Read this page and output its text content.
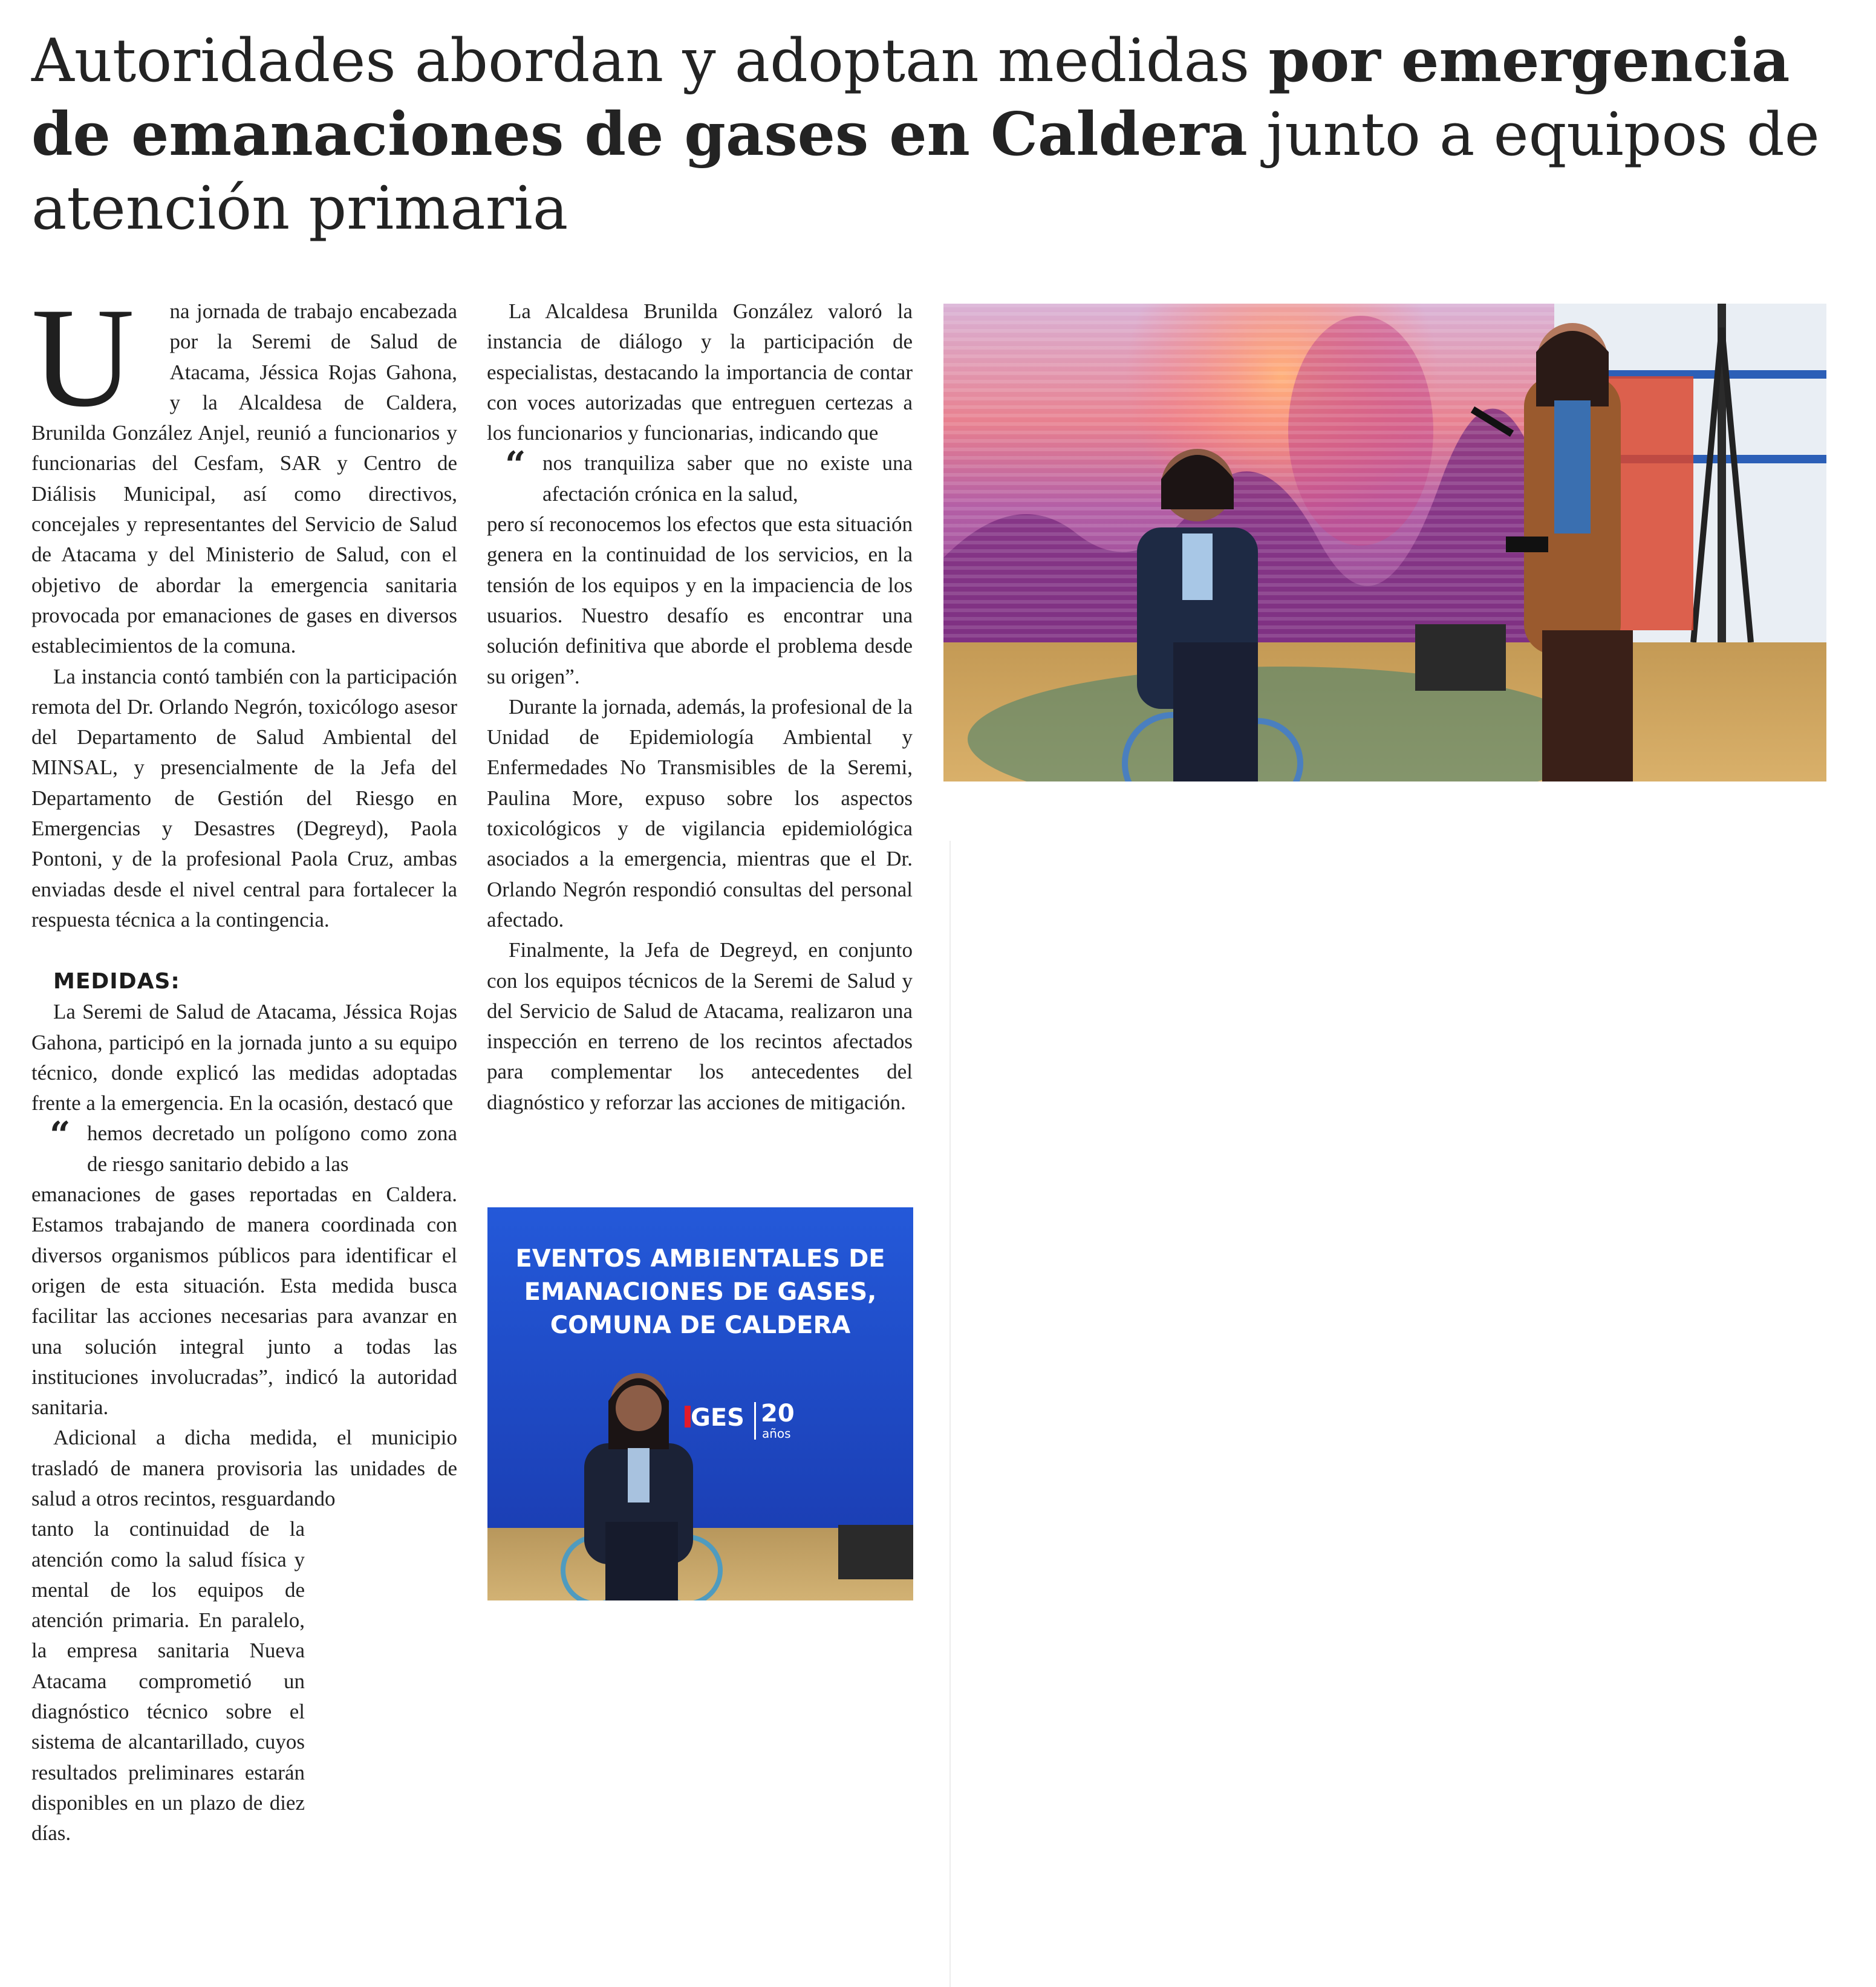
Autoridades abordan y adoptan medidas por emergencia de emanaciones de gases en Caldera junto a equipos de atención primaria
U	na jornada de trabajo encabezada por la Seremi de Salud de Atacama, Jéssica Rojas Gahona, y la Alcaldesa de Caldera, Brunilda González Anjel, reunió a funcionarios y funcionarias del Cesfam, SAR y Centro de Diálisis Municipal, así como directivos, concejales y representantes del Servicio de Salud de Atacama y del Ministerio de Salud, con el objetivo de abordar la emergencia sanitaria provocada por emanaciones de gases en diversos establecimientos de la comuna.

La instancia contó también con la participación remota del Dr. Orlando Negrón, toxicólogo asesor del Departamento de Salud Ambiental del MINSAL, y presencialmente de la Jefa del Departamento de Gestión del Riesgo en Emergencias y Desastres (Degreyd), Paola Pontoni, y de la profesional Paola Cruz, ambas enviadas desde el nivel central para fortalecer la respuesta técnica a la contingencia.

MEDIDAS:

La Seremi de Salud de Atacama, Jéssica Rojas Gahona, participó en la jornada junto a su equipo técnico, donde explicó las medidas adoptadas frente a la emergencia. En la ocasión, destacó que

“ hemos decretado un polígono como zona de riesgo sanitario debido a las
emanaciones de gases reportadas en Caldera. Estamos trabajando de manera coordinada con diversos organismos públicos para identificar el origen de esta situación. Esta medida busca facilitar las acciones necesarias para avanzar en una solución integral junto a todas las instituciones involucradas”, indicó la autoridad sanitaria.

Adicional a dicha medida, el municipio trasladó de manera provisoria las unidades de salud a otros recintos, resguardando

tanto la continuidad de la atención como la salud física y mental de los equipos de atención primaria. En paralelo, la empresa sanitaria Nueva Atacama comprometió un diagnóstico técnico sobre el sistema de alcantarillado, cuyos resultados preliminares estarán disponibles en un plazo de diez días.

La Alcaldesa Brunilda González valoró la instancia de diálogo y la participación de especialistas, destacando la importancia de contar con voces autorizadas que entreguen certezas a los funcionarios y funcionarias, indicando que

“ nos tranquiliza saber que no existe una afectación crónica en la salud,
pero sí reconocemos los efectos que esta situación genera en la continuidad de los servicios, en la tensión de los equipos y en la impaciencia de los usuarios. Nuestro desafío es encontrar una solución definitiva que aborde el problema desde su origen”.

Durante la jornada, además, la profesional de la Unidad de Epidemiología Ambiental y Enfermedades No Transmisibles de la Seremi, Paulina More, expuso sobre los aspectos toxicológicos y de vigilancia epidemiológica asociados a la emergencia, mientras que el Dr. Orlando Negrón respondió consultas del personal afectado.

Finalmente, la Jefa de Degreyd, en conjunto con los equipos técnicos de la Seremi de Salud y del Servicio de Salud de Atacama, realizaron una inspección en terreno de los recintos afectados para complementar los antecedentes del diagnóstico y reforzar las acciones de mitigación.

EVENTOS AMBIENTALES DE
EMANACIONES DE GASES,
COMUNA DE CALDERA
GES 20
años
